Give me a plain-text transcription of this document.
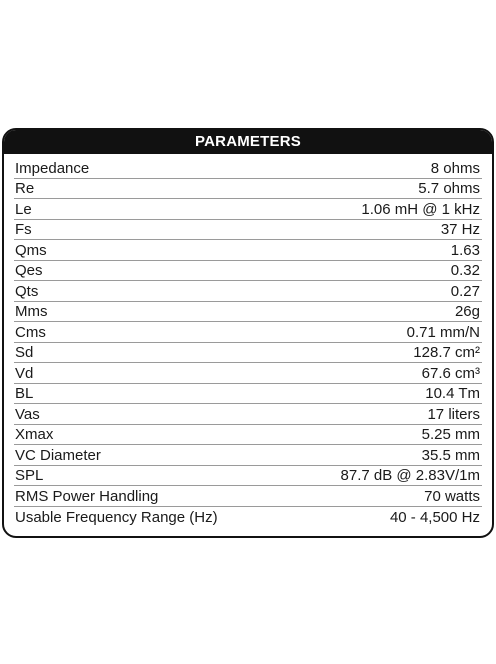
PARAMETERS
Impedance	8 ohms
Re	5.7 ohms
Le	1.06 mH @ 1 kHz
Fs	37 Hz
Qms	1.63
Qes	0.32
Qts	0.27
Mms	26g
Cms	0.71 mm/N
Sd	128.7 cm²
Vd	67.6 cm³
BL	10.4 Tm
Vas	17 liters
Xmax	5.25 mm
VC Diameter	35.5 mm
SPL	87.7 dB @ 2.83V/1m
RMS Power Handling	70 watts
Usable Frequency Range (Hz)	40 - 4,500 Hz
